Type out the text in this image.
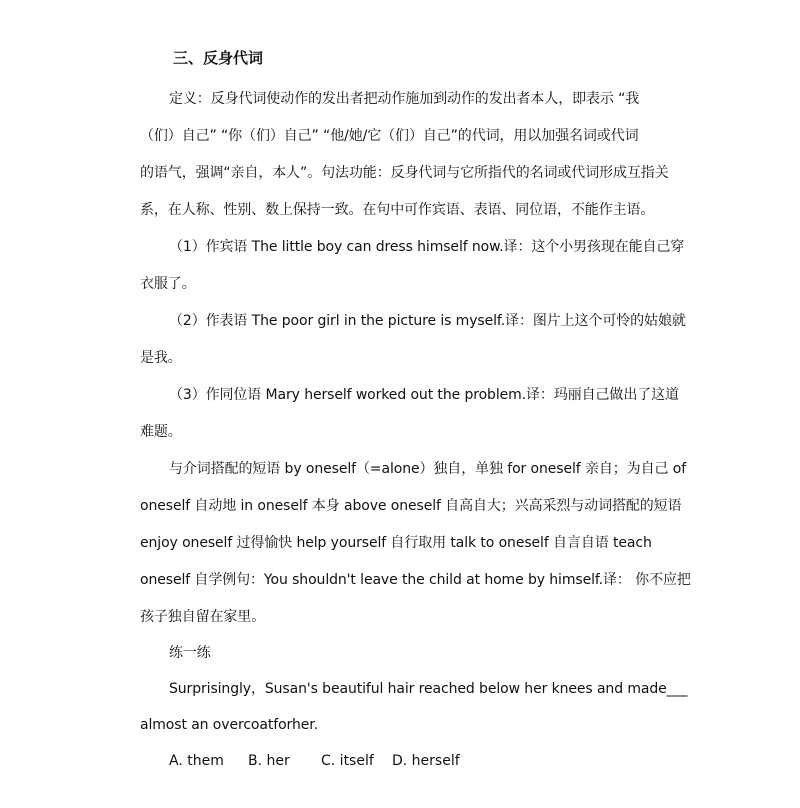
三、反身代词
定义：反身代词使动作的发出者把动作施加到动作的发出者本人，即表示 “我
（们）自己” “你（们）自己” “他/她/它（们）自己”的代词，用以加强名词或代词
的语气，强调“亲自，本人”。句法功能：反身代词与它所指代的名词或代词形成互指关
系，在人称、性别、数上保持一致。在句中可作宾语、表语、同位语，不能作主语。
（1）作宾语 The little boy can dress himself now.译：这个小男孩现在能自己穿
衣服了。
（2）作表语 The poor girl in the picture is myself.译：图片上这个可怜的姑娘就
是我。
（3）作同位语 Mary herself worked out the problem.译：玛丽自己做出了这道
难题。
与介词搭配的短语 by oneself（=alone）独自，单独 for oneself 亲自；为自己 of
oneself 自动地 in oneself 本身 above oneself 自高自大；兴高采烈与动词搭配的短语
enjoy oneself 过得愉快 help yourself 自行取用 talk to oneself 自言自语 teach
oneself 自学例句：You shouldn't leave the child at home by himself.译： 你不应把
孩子独自留在家里。
练一练
Surprisingly，Susan's beautiful hair reached below her knees and made___
almost an overcoatforher.
A. them B. her C. itself D. herself
